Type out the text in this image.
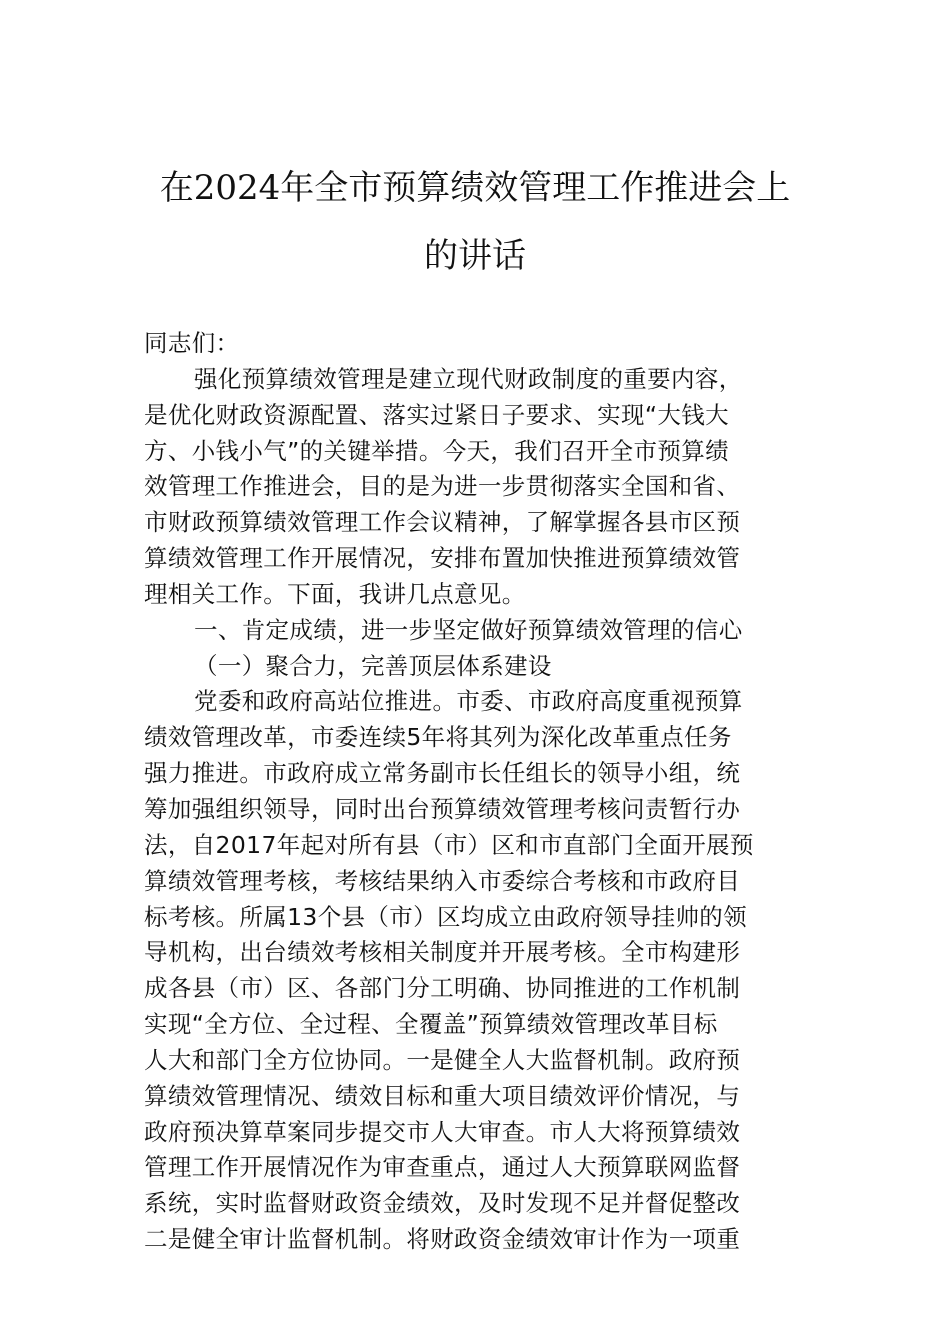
在2024年全市预算绩效管理工作推进会上
的讲话
同志们：
强化预算绩效管理是建立现代财政制度的重要内容，
是优化财政资源配置、落实过紧日子要求、实现“大钱大
方、小钱小气”的关键举措。今天，我们召开全市预算绩
效管理工作推进会，目的是为进一步贯彻落实全国和省、
市财政预算绩效管理工作会议精神，了解掌握各县市区预
算绩效管理工作开展情况，安排布置加快推进预算绩效管
理相关工作。下面，我讲几点意见。
一、肯定成绩，进一步坚定做好预算绩效管理的信心
（一）聚合力，完善顶层体系建设
党委和政府高站位推进。市委、市政府高度重视预算
绩效管理改革，市委连续5年将其列为深化改革重点任务
强力推进。市政府成立常务副市长任组长的领导小组，统
筹加强组织领导，同时出台预算绩效管理考核问责暂行办
法，自2017年起对所有县（市）区和市直部门全面开展预
算绩效管理考核，考核结果纳入市委综合考核和市政府目
标考核。所属13个县（市）区均成立由政府领导挂帅的领
导机构，出台绩效考核相关制度并开展考核。全市构建形
成各县（市）区、各部门分工明确、协同推进的工作机制
实现“全方位、全过程、全覆盖”预算绩效管理改革目标
人大和部门全方位协同。一是健全人大监督机制。政府预
算绩效管理情况、绩效目标和重大项目绩效评价情况，与
政府预决算草案同步提交市人大审查。市人大将预算绩效
管理工作开展情况作为审查重点，通过人大预算联网监督
系统，实时监督财政资金绩效，及时发现不足并督促整改
二是健全审计监督机制。将财政资金绩效审计作为一项重
